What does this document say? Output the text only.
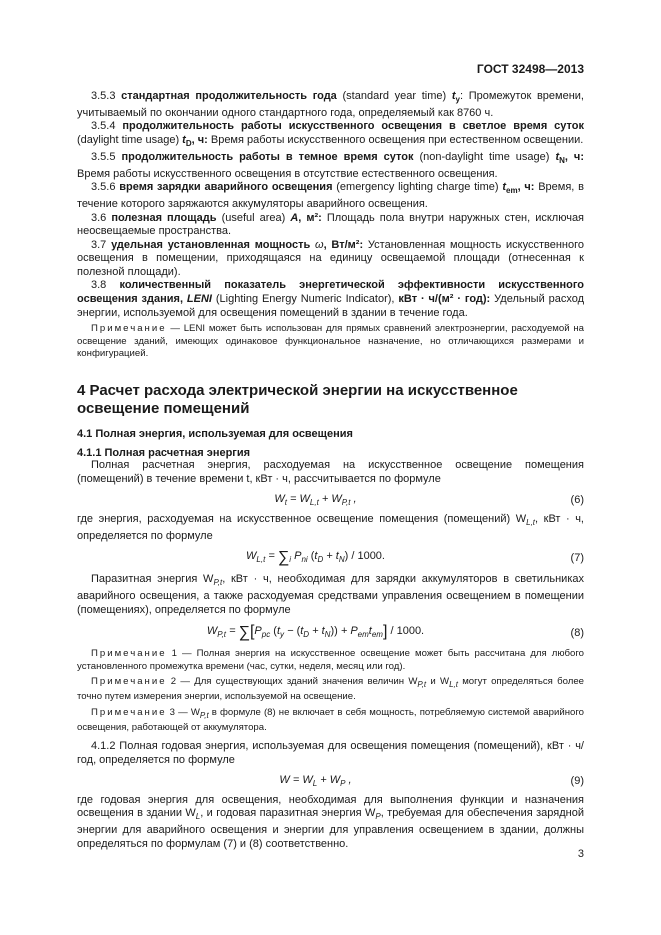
ГОСТ 32498—2013

3.5.3 стандартная продолжительность года (standard year time) $t_y$: Промежуток времени, учитываемый по окончании одного стандартного года, определяемый как 8760 ч.

3.5.4 продолжительность работы искусственного освещения в светлое время суток (daylight time usage) $t_D$, ч: Время работы искусственного освещения при естественном освещении.

3.5.5 продолжительность работы в темное время суток (non-daylight time usage) $t_N$, ч: Время работы искусственного освещения в отсутствие естественного освещения.

3.5.6 время зарядки аварийного освещения (emergency lighting charge time) $t_{em}$, ч: Время, в течение которого заряжаются аккумуляторы аварийного освещения.

3.6 полезная площадь (useful area) A, м²: Площадь пола внутри наружных стен, исключая неосвещаемые пространства.

3.7 удельная установленная мощность ω, Вт/м²: Установленная мощность искусственного освещения в помещении, приходящаяся на единицу освещаемой площади (отнесенная к полезной площади).

3.8 количественный показатель энергетической эффективности искусственного освещения здания, LENI (Lighting Energy Numeric Indicator), кВт · ч/(м² · год): Удельный расход энергии, используемой для освещения помещений в здании в течение года.

Примечание — LENI может быть использован для прямых сравнений электроэнергии, расходуемой на освещение зданий, имеющих одинаковое функциональное назначение, но отличающихся размерами и конфигурацией.

4 Расчет расхода электрической энергии на искусственное освещение помещений
4.1 Полная энергия, используемая для освещения
4.1.1 Полная расчетная энергия

Полная расчетная энергия, расходуемая на искусственное освещение помещения (помещений) в течение времени t, кВт · ч, рассчитывается по формуле

$W_t = W_{L,t} + W_{P,t}$ ,	(6)

где энергия, расходуемая на искусственное освещение помещения (помещений) $W_{L,t}$, кВт · ч, определяется по формуле

$W_{L,t} = \sum_i$ $P_{ni}$ $(t_D + t_N) / 1000$.	(7)

Паразитная энергия $W_{P,t}$, кВт · ч, необходимая для зарядки аккумуляторов в светильниках аварийного освещения, а также расходуемая средствами управления освещением в помещении (помещениях), определяется по формуле

$W_{P,t} = \sum[P_{pc}$ $(t_y - (t_D + t_N)) + P_{em}t_{em}] / 1000$.	(8)

Примечание 1 — Полная энергия на искусственное освещение может быть рассчитана для любого установленного промежутка времени (час, сутки, неделя, месяц или год).

Примечание 2 — Для существующих зданий значения величин $W_{P,t}$ и $W_{L,t}$ могут определяться более точно путем измерения энергии, используемой на освещение.

Примечание 3 — $W_{P,t}$ в формуле (8) не включает в себя мощность, потребляемую системой аварийного освещения, работающей от аккумулятора.

4.1.2 Полная годовая энергия, используемая для освещения помещения (помещений), кВт · ч/год, определяется по формуле

$W = W_L + W_P$ ,	(9)

где годовая энергия для освещения, необходимая для выполнения функции и назначения освещения в здании $W_L$, и годовая паразитная энергия $W_P$, требуемая для обеспечения зарядной энергии для аварийного освещения и энергии для управления освещением в здании, должны определяться по формулам (7) и (8) соответственно.

3
